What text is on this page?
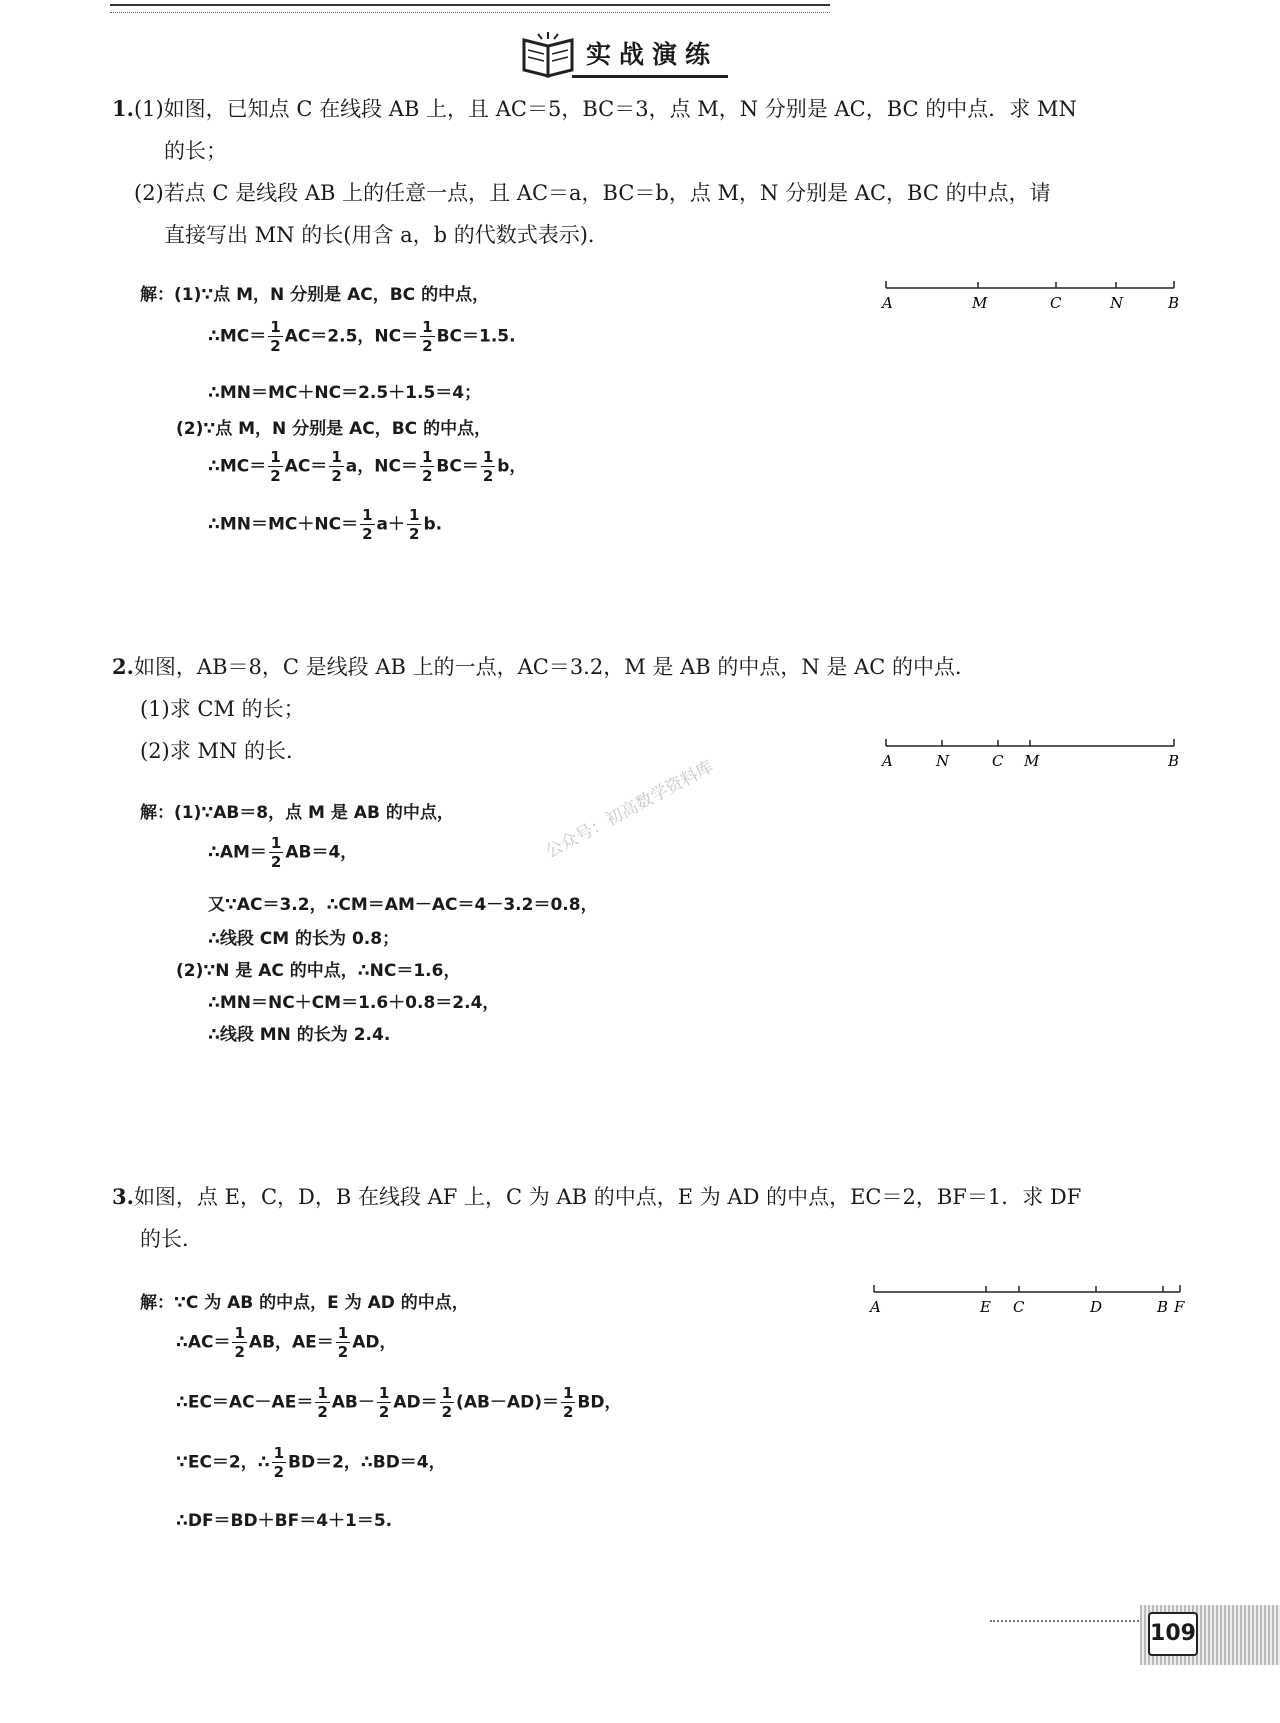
实战演练
1.(1)如图，已知点 C 在线段 AB 上，且 AC＝5，BC＝3，点 M，N 分别是 AC，BC 的中点．求 MN
的长；
(2)若点 C 是线段 AB 上的任意一点，且 AC＝a，BC＝b，点 M，N 分别是 AC，BC 的中点，请
直接写出 MN 的长(用含 a，b 的代数式表示)．
A	M	C	N	B
解：(1)∵点 M，N 分别是 AC，BC 的中点，
∴MC＝ $\frac{1}{2} AC=2.5$，$NC= \frac{1}{2} BC=1.5$.
∴MN＝MC＋NC＝2.5＋1.5＝4；
(2)∵点 M，N 分别是 AC，BC 的中点，
∴MC＝ $\frac{1}{2} AC= \frac{1}{2}$ a，$NC= \frac{1}{2} BC= \frac{1}{2}$ b，
∴MN＝MC＋NC＝ $\frac{1}{2} a+ \frac{1}{2} b$.
2.如图，AB＝8，C 是线段 AB 上的一点，AC＝3.2，M 是 AB 的中点，N 是 AC 的中点．
(1)求 CM 的长；
(2)求 MN 的长．	A	N	C M	B
解：(1)∵AB＝8，点 M 是 AB 的中点，
∴AM＝ $\frac{1}{2} AB=4$，
又∵AC＝3.2，∴CM＝AM－AC＝4－3.2＝0.8，
∴线段 CM 的长为 0.8；
(2)∵N 是 AC 的中点，∴NC＝1.6，
∴MN＝NC＋CM＝1.6＋0.8＝2.4，
∴线段 MN 的长为 2.4.
公众号：初高数学资料库
3.如图，点 E，C，D，B 在线段 AF 上，C 为 AB 的中点，E 为 AD 的中点，EC＝2，BF＝1．求 DF
的长．
A	E C	D	B F
解：∵C 为 AB 的中点，E 为 AD 的中点，
∴AC＝ $\frac{1}{2}$ AB，$AE= \frac{1}{2}$ AD，
∴EC＝AC－AE＝ $\frac{1}{2} AB- \frac{1}{2} AD= \frac{1}{2} (AB-AD)= \frac{1}{2}$ BD，
∵EC＝2，∴ $\frac{1}{2} BD=2$，∴BD＝4，
∴DF＝BD＋BF＝4＋1＝5.
109
